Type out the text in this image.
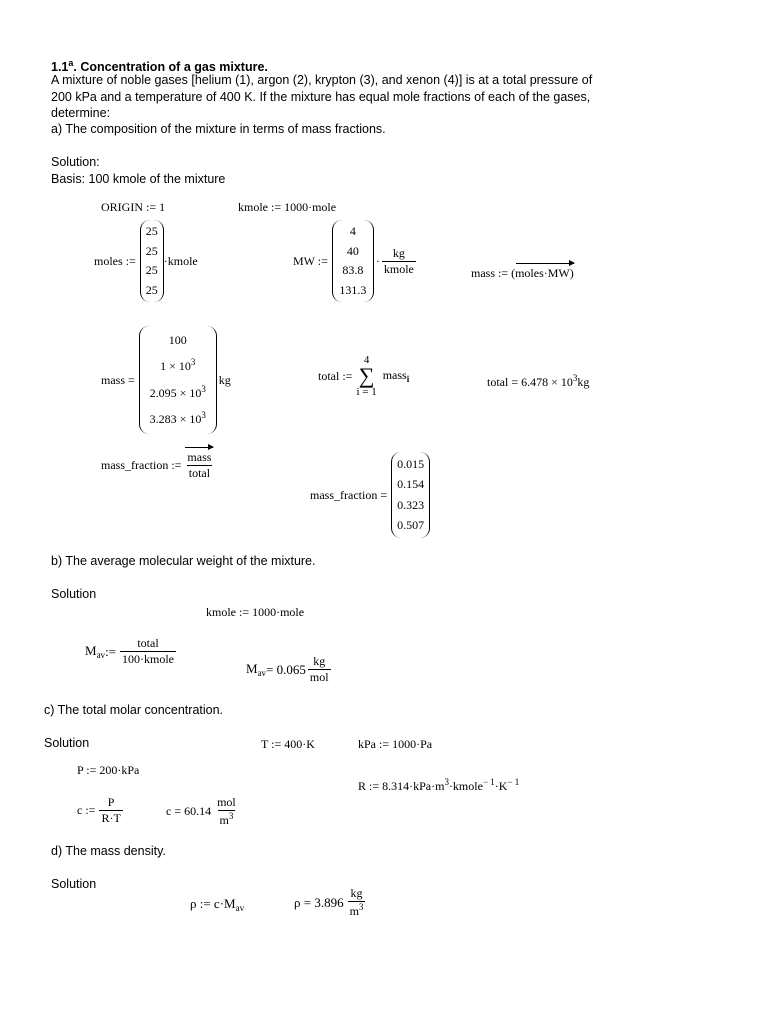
1.1$^a$. Concentration of a gas mixture.
A mixture of noble gases [helium (1), argon (2), krypton (3), and xenon (4)] is at a total pressure of
200 kPa and a temperature of 400 K. If the mixture has equal mole fractions of each of the gases,
determine:
a) The composition of the mixture in terms of mass fractions.
Solution:
Basis: 100 kmole of the mixture
ORIGIN := 1	kmole := 1000·mole
moles :=
25
25
25
25
·kmole	MW :=
4
40
83.8
131.3
· $\frac{kg}{\text{kmole}}$	mass := (moles·MW)
mass =
100
$1 \times 10^3$
$2.095 \times 10^3$
$3.283 \times 10^3$
kg	total :=
4
∑
i = 1
mass$_i$	total = $6.478 \times 10^3kg$
mass_fraction := $\frac{\text{mass}}{\text{total}}$
mass_fraction =
0.015
0.154
0.323
0.507
b) The average molecular weight of the mixture.
Solution
kmole := 1000·mole
$M_{av}$ := $\frac{\text{total}}{\text{100·kmole}}$
$M_{av} = 0.065 \frac{kg}{\text{mol}}$
c) The total molar concentration.
Solution	T := 400·K	kPa := 1000·Pa
P := 200·kPa
R := $8.314\cdot kPa\cdot m^3\cdot kmole^{- 1}\cdot K^{- 1}$
c := $\frac{P}{R\cdot T}$	$c = 60.14 \frac{\text{mol}}{m^3}$
d) The mass density.
Solution
ρ := $c\cdot M_{av}$	$\rho = 3.896 \frac{kg}{m^3}$
